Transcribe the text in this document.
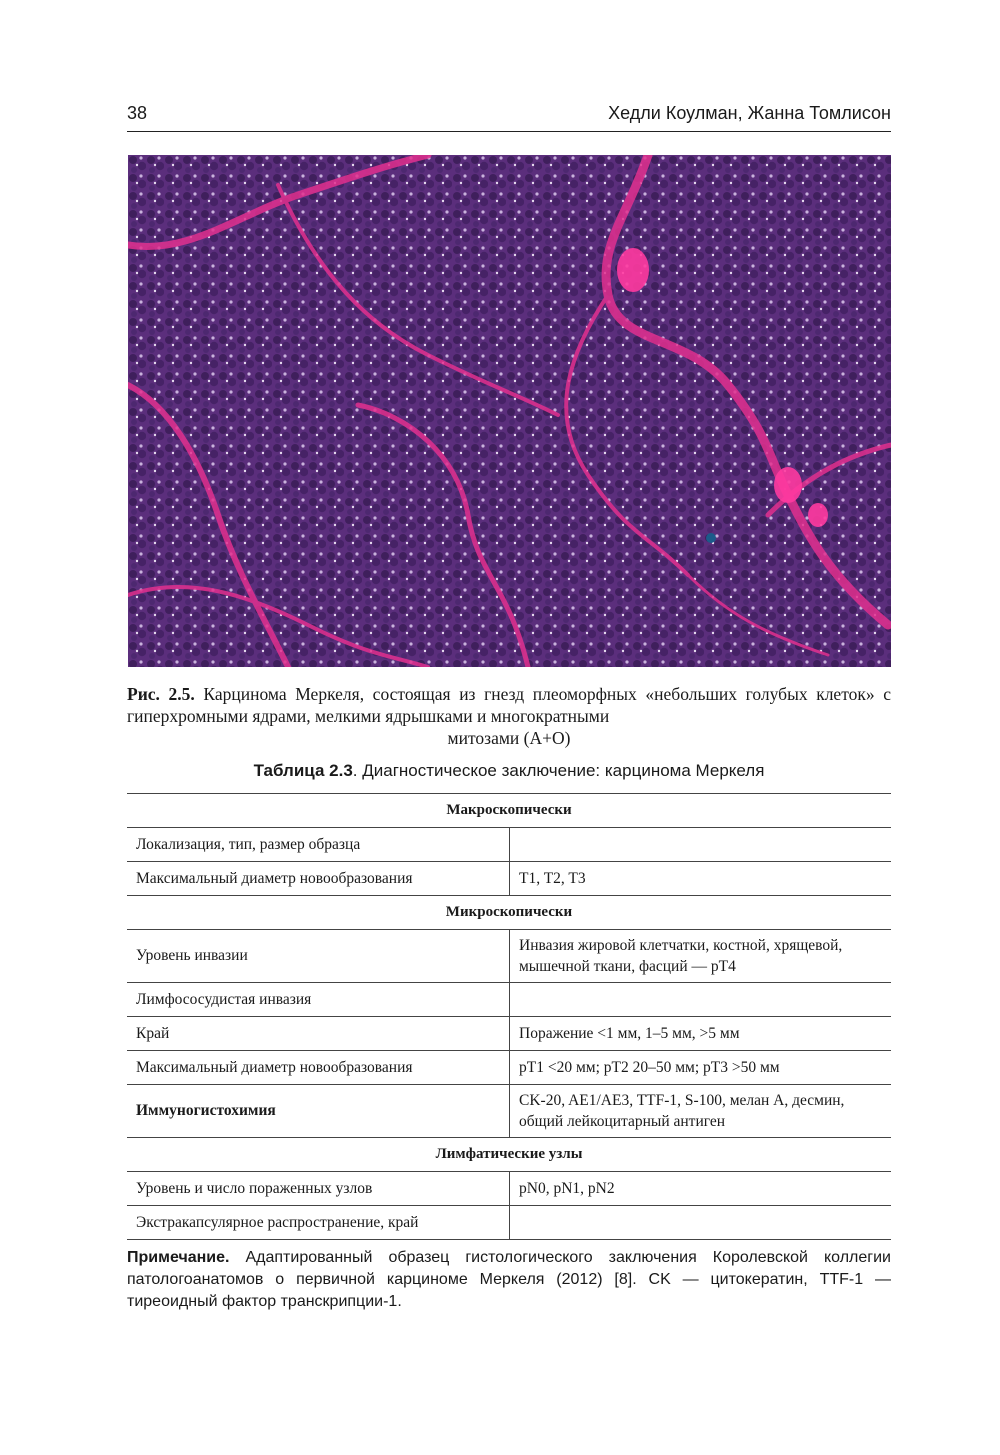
38	Хедли Коулман, Жанна Томлисон
Рис. 2.5. Карцинома Меркеля, состоящая из гнезд плеоморфных «небольших голубых клеток» с гиперхромными ядрами, мелкими ядрышками и многократными
митозами (А+О)
Таблица 2.3. Диагностическое заключение: карцинома Меркеля
Макроскопически	
Локализация, тип, размер образца	
Максимальный диаметр новообразования	T1, T2, T3
Микроскопически	
Уровень инвазии	Инвазия жировой клетчатки, костной, хрящевой, мышечной ткани, фасций — pT4
Лимфососудистая инвазия	
Край	Поражение <1 мм, 1–5 мм, >5 мм
Максимальный диаметр новообразования	pT1 <20 мм; pT2 20–50 мм; pT3 >50 мм
Иммуногистохимия	CK-20, AE1/AE3, TTF-1, S-100, мелан A, десмин, общий лейкоцитарный антиген
Лимфатические узлы	
Уровень и число пораженных узлов	pN0, pN1, pN2
Экстракапсулярное распространение, край	
Примечание. Адаптированный образец гистологического заключения Королевской коллегии патологоанатомов о первичной карциноме Меркеля (2012) [8]. CK — цитокератин, TTF-1 — тиреоидный фактор транскрипции-1.
